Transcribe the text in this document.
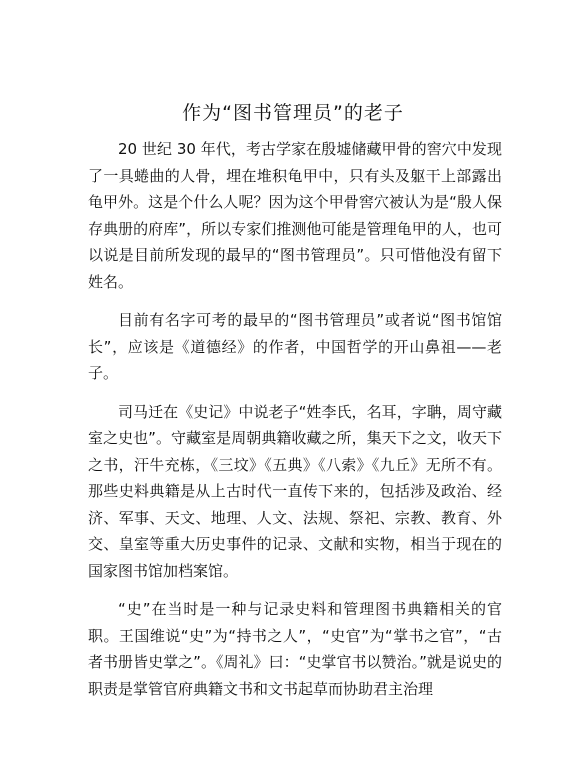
作为“图书管理员”的老子

20 世纪 30 年代，考古学家在殷墟储藏甲骨的窖穴中发现了一具蜷曲的人骨，埋在堆积龟甲中，只有头及躯干上部露出龟甲外。这是个什么人呢？因为这个甲骨窖穴被认为是“殷人保存典册的府库”，所以专家们推测他可能是管理龟甲的人，也可以说是目前所发现的最早的“图书管理员”。只可惜他没有留下姓名。

目前有名字可考的最早的“图书管理员”或者说“图书馆馆长”，应该是《道德经》的作者，中国哲学的开山鼻祖——老子。

司马迁在《史记》中说老子“姓李氏，名耳，字聃，周守藏室之史也”。守藏室是周朝典籍收藏之所，集天下之文，收天下之书，汗牛充栋，《三坟》《五典》《八索》《九丘》无所不有。那些史料典籍是从上古时代一直传下来的，包括涉及政治、经济、军事、天文、地理、人文、法规、祭祀、宗教、教育、外交、皇室等重大历史事件的记录、文献和实物，相当于现在的国家图书馆加档案馆。

“史”在当时是一种与记录史料和管理图书典籍相关的官职。王国维说“史”为“持书之人”，“史官”为“掌书之官”，“古者书册皆史掌之”。《周礼》曰：“史掌官书以赞治。”就是说史的职责是掌管官府典籍文书和文书起草而协助君主治理
